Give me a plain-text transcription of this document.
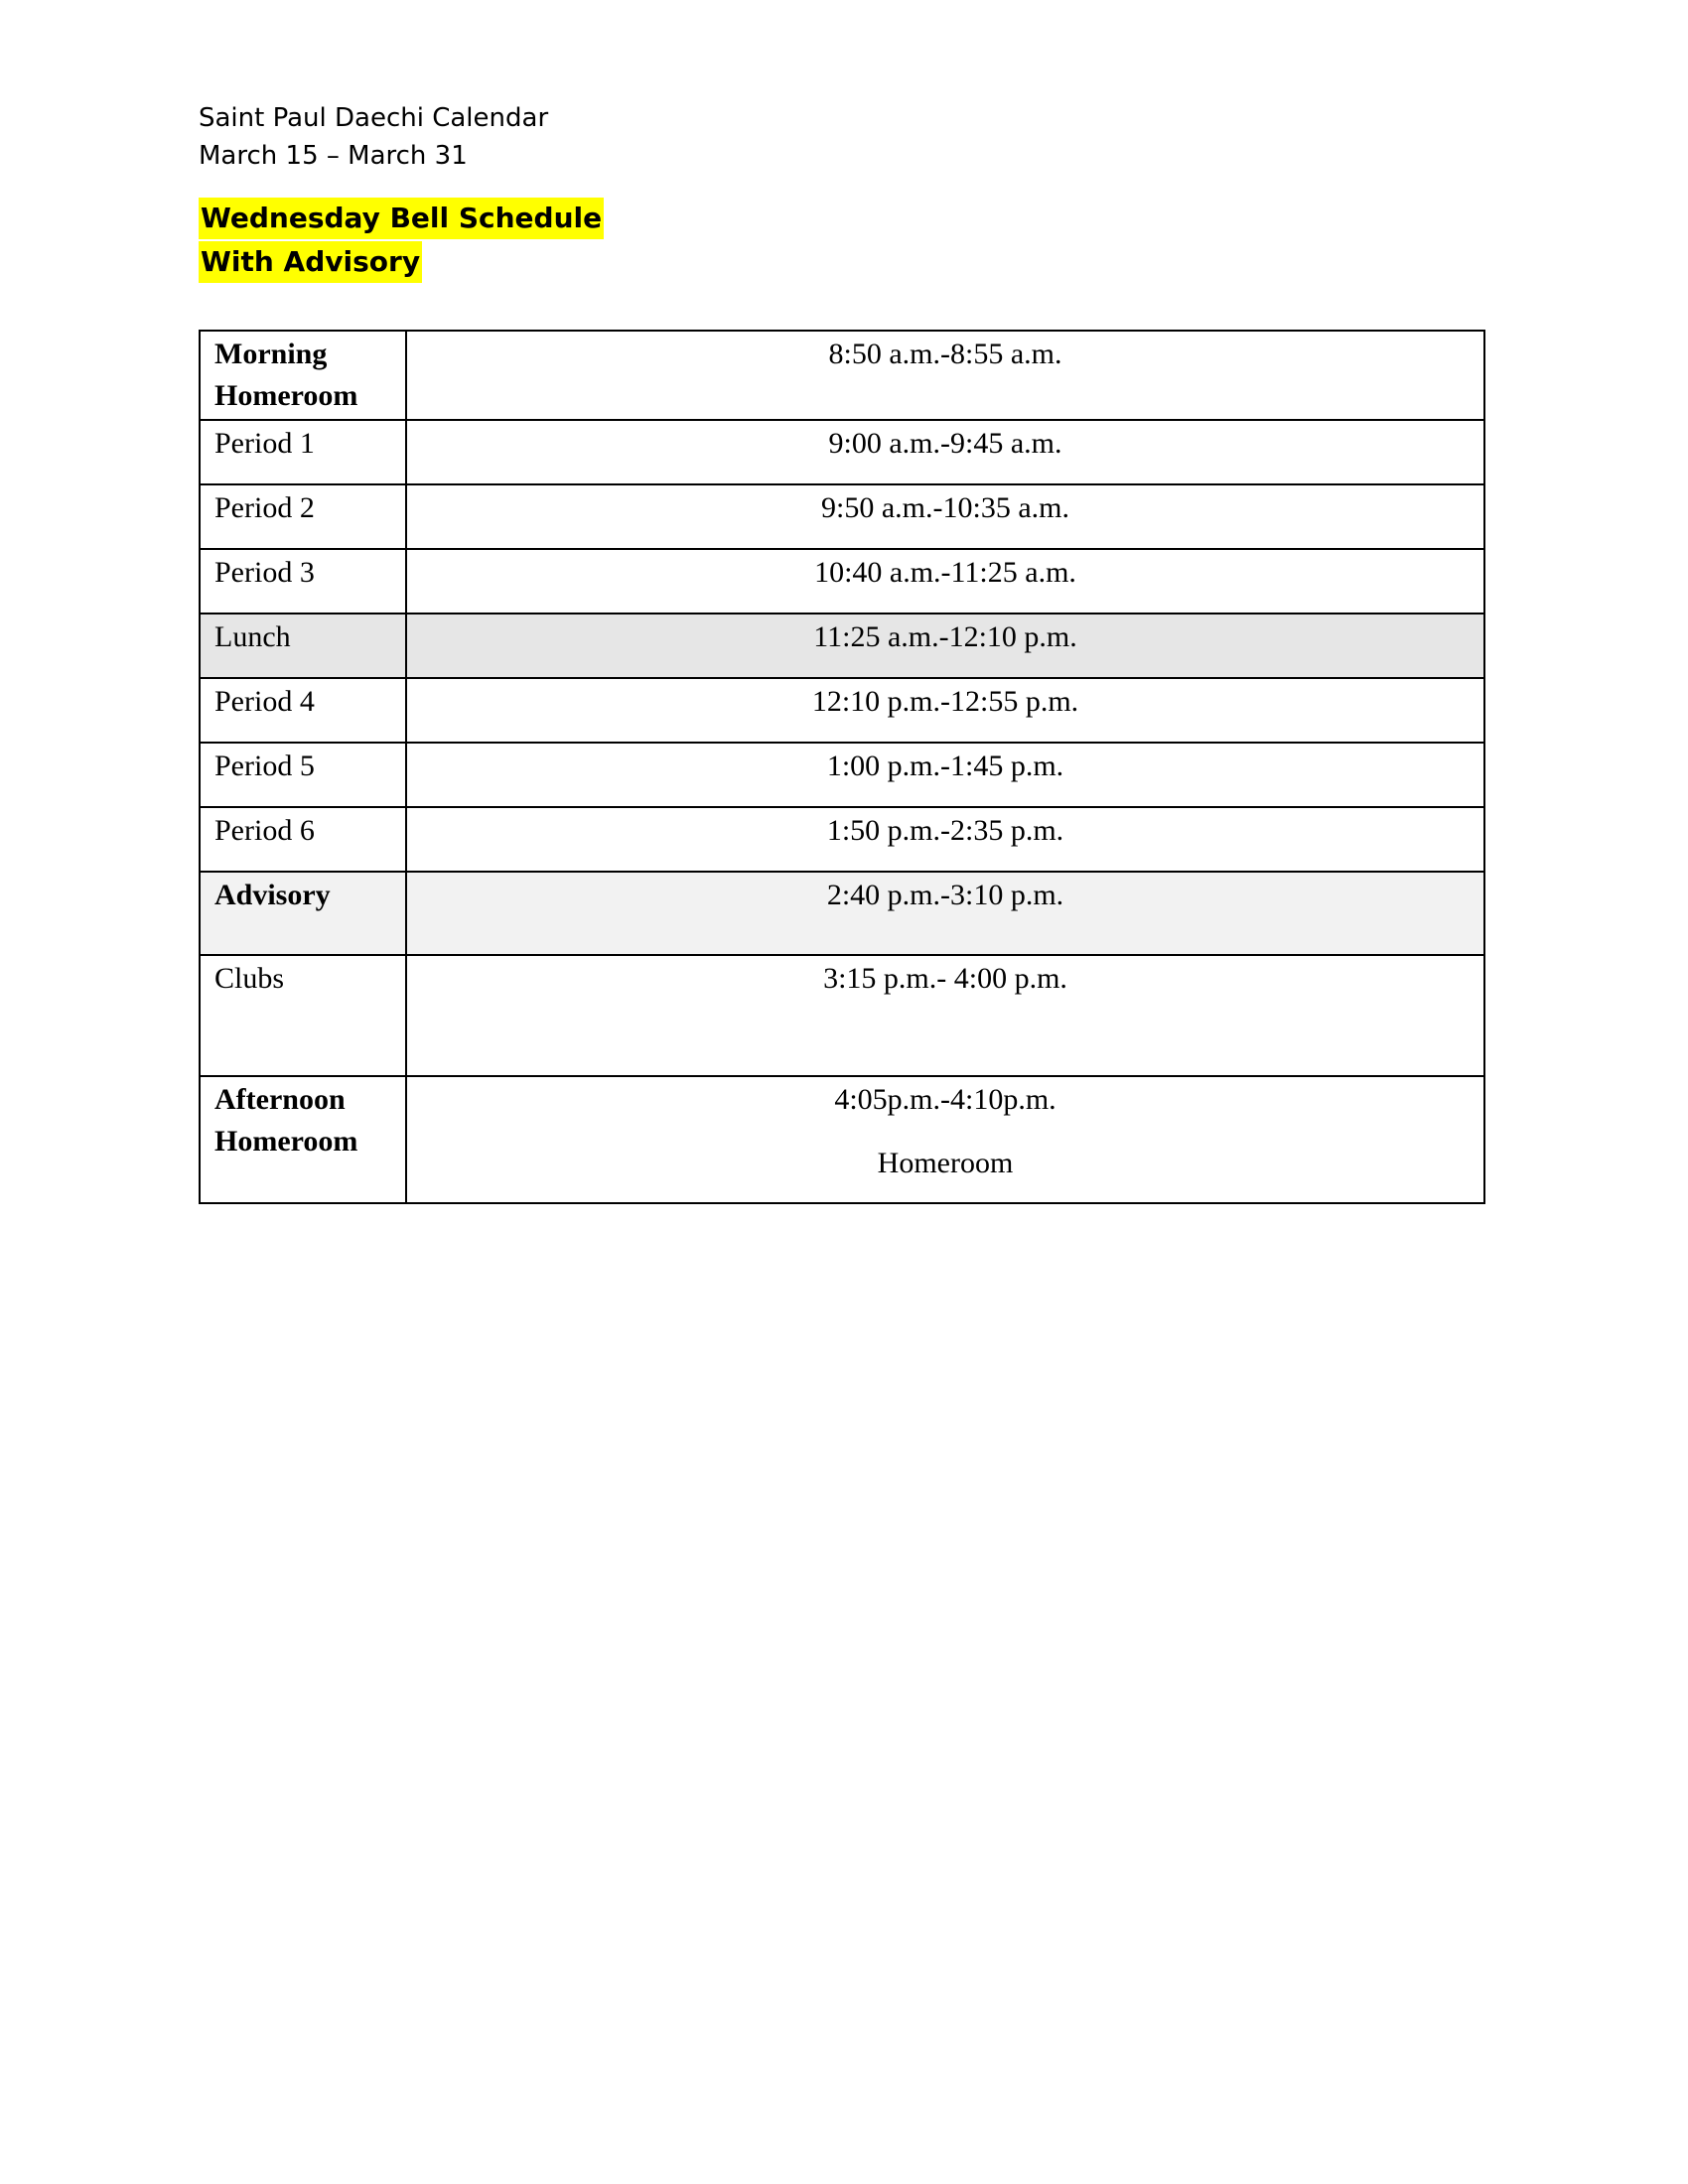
Saint Paul Daechi Calendar
March 15 – March 31
Wednesday Bell Schedule
With Advisory
Morning Homeroom	8:50 a.m.-8:55 a.m.
Period 1	9:00 a.m.-9:45 a.m.
Period 2	9:50 a.m.-10:35 a.m.
Period 3	10:40 a.m.-11:25 a.m.
Lunch	11:25 a.m.-12:10 p.m.
Period 4	12:10 p.m.-12:55 p.m.
Period 5	1:00 p.m.-1:45 p.m.
Period 6	1:50 p.m.-2:35 p.m.
Advisory	2:40 p.m.-3:10 p.m.
Clubs	3:15 p.m.- 4:00 p.m.
Afternoon Homeroom	4:05p.m.-4:10p.m.
Homeroom
